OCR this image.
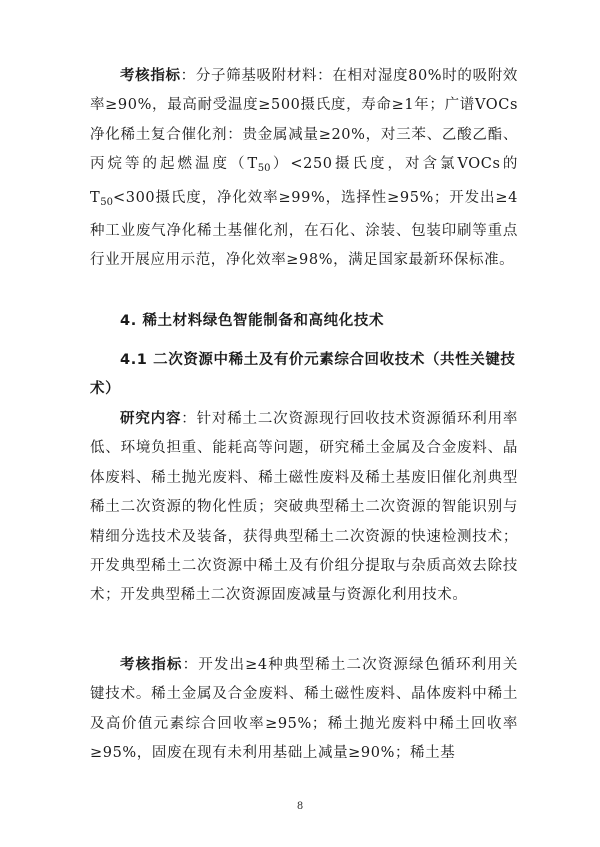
考核指标：分子筛基吸附材料：在相对湿度80%时的吸附效率≥90%，最高耐受温度≥500摄氏度，寿命≥1年；广谱VOCs净化稀土复合催化剂：贵金属减量≥20%，对三苯、乙酸乙酯、丙烷等的起燃温度$(T_{50})<250$摄氏度，对含氯VOCs的$T_{50}<300$摄氏度，净化效率≥99%，选择性≥95%；开发出≥4种工业废气净化稀土基催化剂，在石化、涂装、包装印刷等重点行业开展应用示范，净化效率≥98%，满足国家最新环保标准。

4. 稀土材料绿色智能制备和高纯化技术

4.1 二次资源中稀土及有价元素综合回收技术（共性关键技术）

研究内容：针对稀土二次资源现行回收技术资源循环利用率低、环境负担重、能耗高等问题，研究稀土金属及合金废料、晶体废料、稀土抛光废料、稀土磁性废料及稀土基废旧催化剂典型稀土二次资源的物化性质；突破典型稀土二次资源的智能识别与精细分选技术及装备，获得典型稀土二次资源的快速检测技术；开发典型稀土二次资源中稀土及有价组分提取与杂质高效去除技术；开发典型稀土二次资源固废减量与资源化利用技术。

考核指标：开发出≥4种典型稀土二次资源绿色循环利用关键技术。稀土金属及合金废料、稀土磁性废料、晶体废料中稀土及高价值元素综合回收率≥95%；稀土抛光废料中稀土回收率≥95%，固废在现有未利用基础上减量≥90%；稀土基

8
